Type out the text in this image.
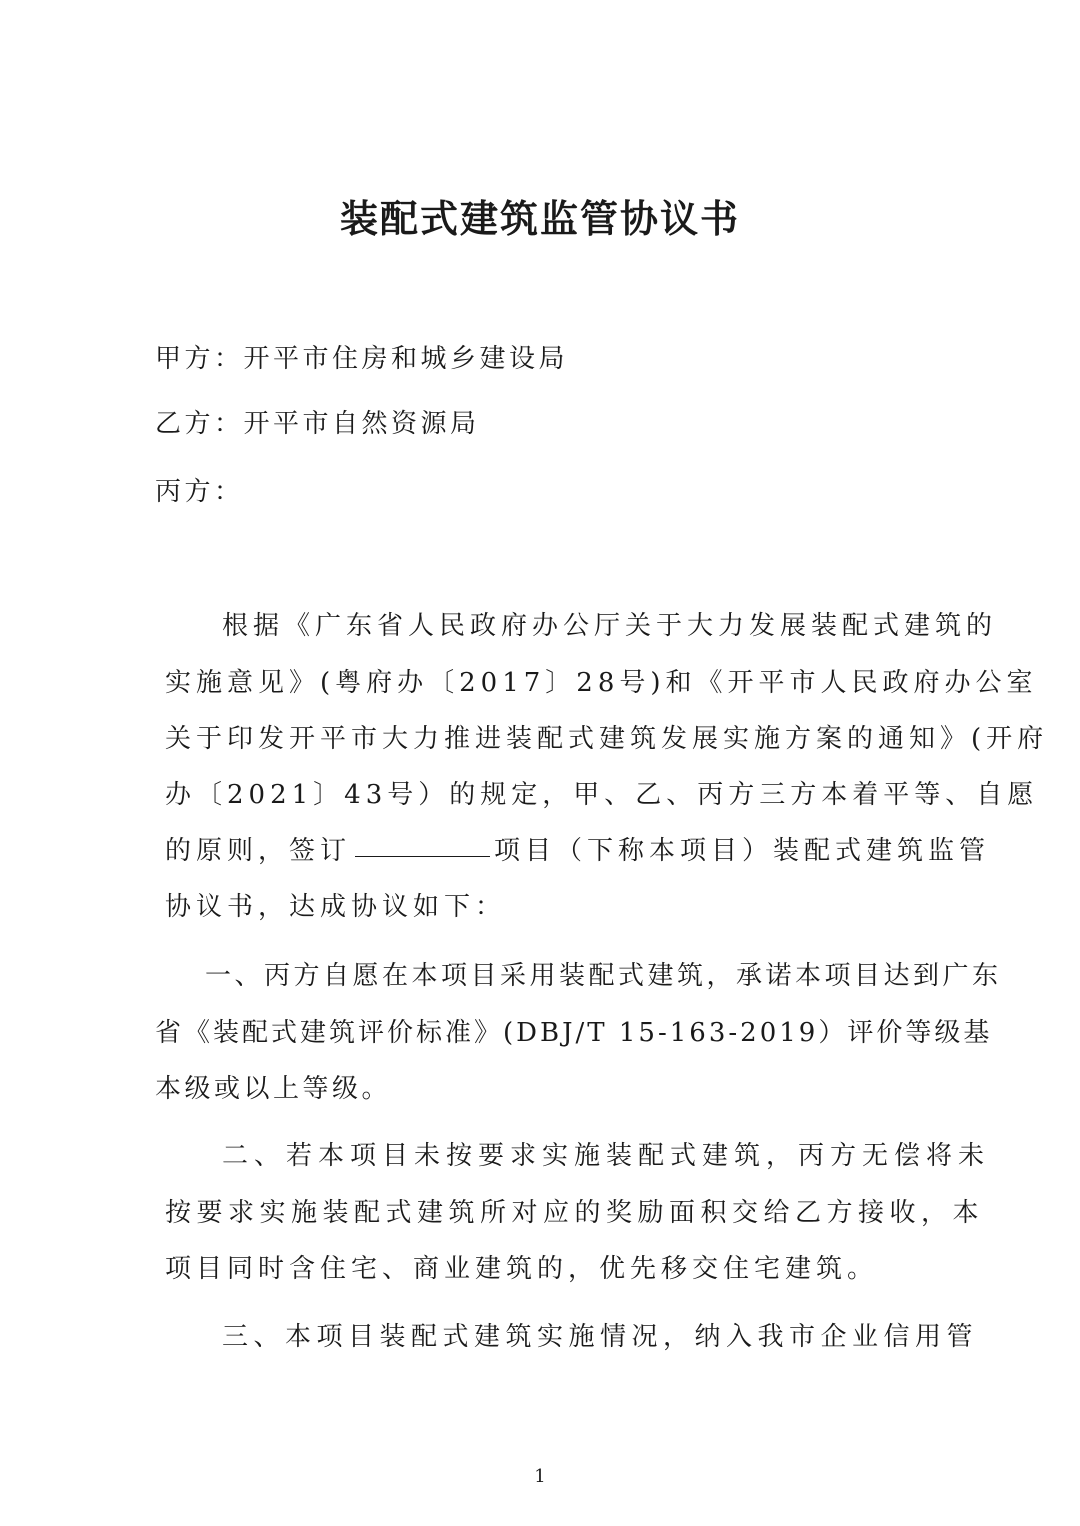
装配式建筑监管协议书
甲方：开平市住房和城乡建设局
乙方：开平市自然资源局
丙方：
根据《广东省人民政府办公厅关于大力发展装配式建筑的
实施意见》(粤府办〔2017〕28号)和《开平市人民政府办公室
关于印发开平市大力推进装配式建筑发展实施方案的通知》(开府
办〔2021〕43号）的规定，甲、乙、丙方三方本着平等、自愿
的原则，签订	项目（下称本项目）装配式建筑监管
协议书，达成协议如下：
一、丙方自愿在本项目采用装配式建筑，承诺本项目达到广东
省《装配式建筑评价标准》(DBJ/T 15-163-2019）评价等级基
本级或以上等级。
二、若本项目未按要求实施装配式建筑，丙方无偿将未
按要求实施装配式建筑所对应的奖励面积交给乙方接收，本
项目同时含住宅、商业建筑的，优先移交住宅建筑。
三、本项目装配式建筑实施情况，纳入我市企业信用管
1
